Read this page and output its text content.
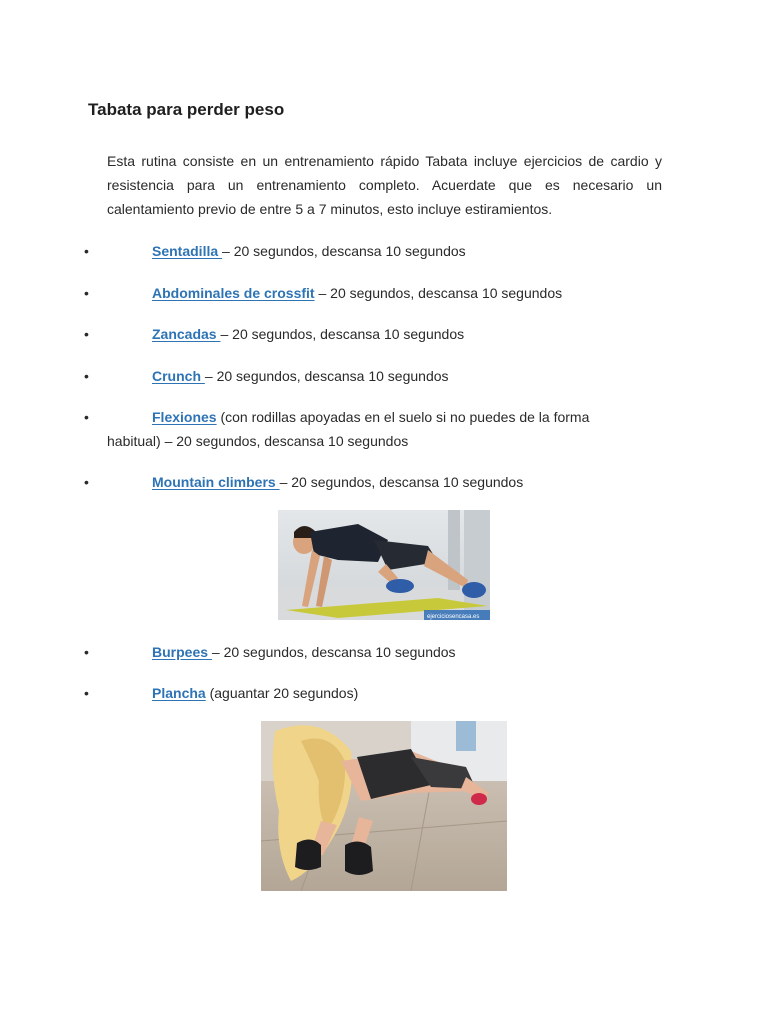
Tabata para perder peso

Esta rutina consiste en un entrenamiento rápido Tabata incluye ejercicios de cardio y resistencia para un entrenamiento completo. Acuerdate que es necesario un calentamiento previo de entre 5 a 7 minutos, esto incluye estiramientos.

•	Sentadilla – 20 segundos, descansa 10 segundos
•	Abdominales de crossfit – 20 segundos, descansa 10 segundos
•	Zancadas – 20 segundos, descansa 10 segundos
•	Crunch – 20 segundos, descansa 10 segundos
•	Flexiones (con rodillas apoyadas en el suelo si no puedes de la forma
habitual) – 20 segundos, descansa 10 segundos
•	Mountain climbers – 20 segundos, descansa 10 segundos
ejerciciosencasa.es
•	Burpees – 20 segundos, descansa 10 segundos
•	Plancha (aguantar 20 segundos)
